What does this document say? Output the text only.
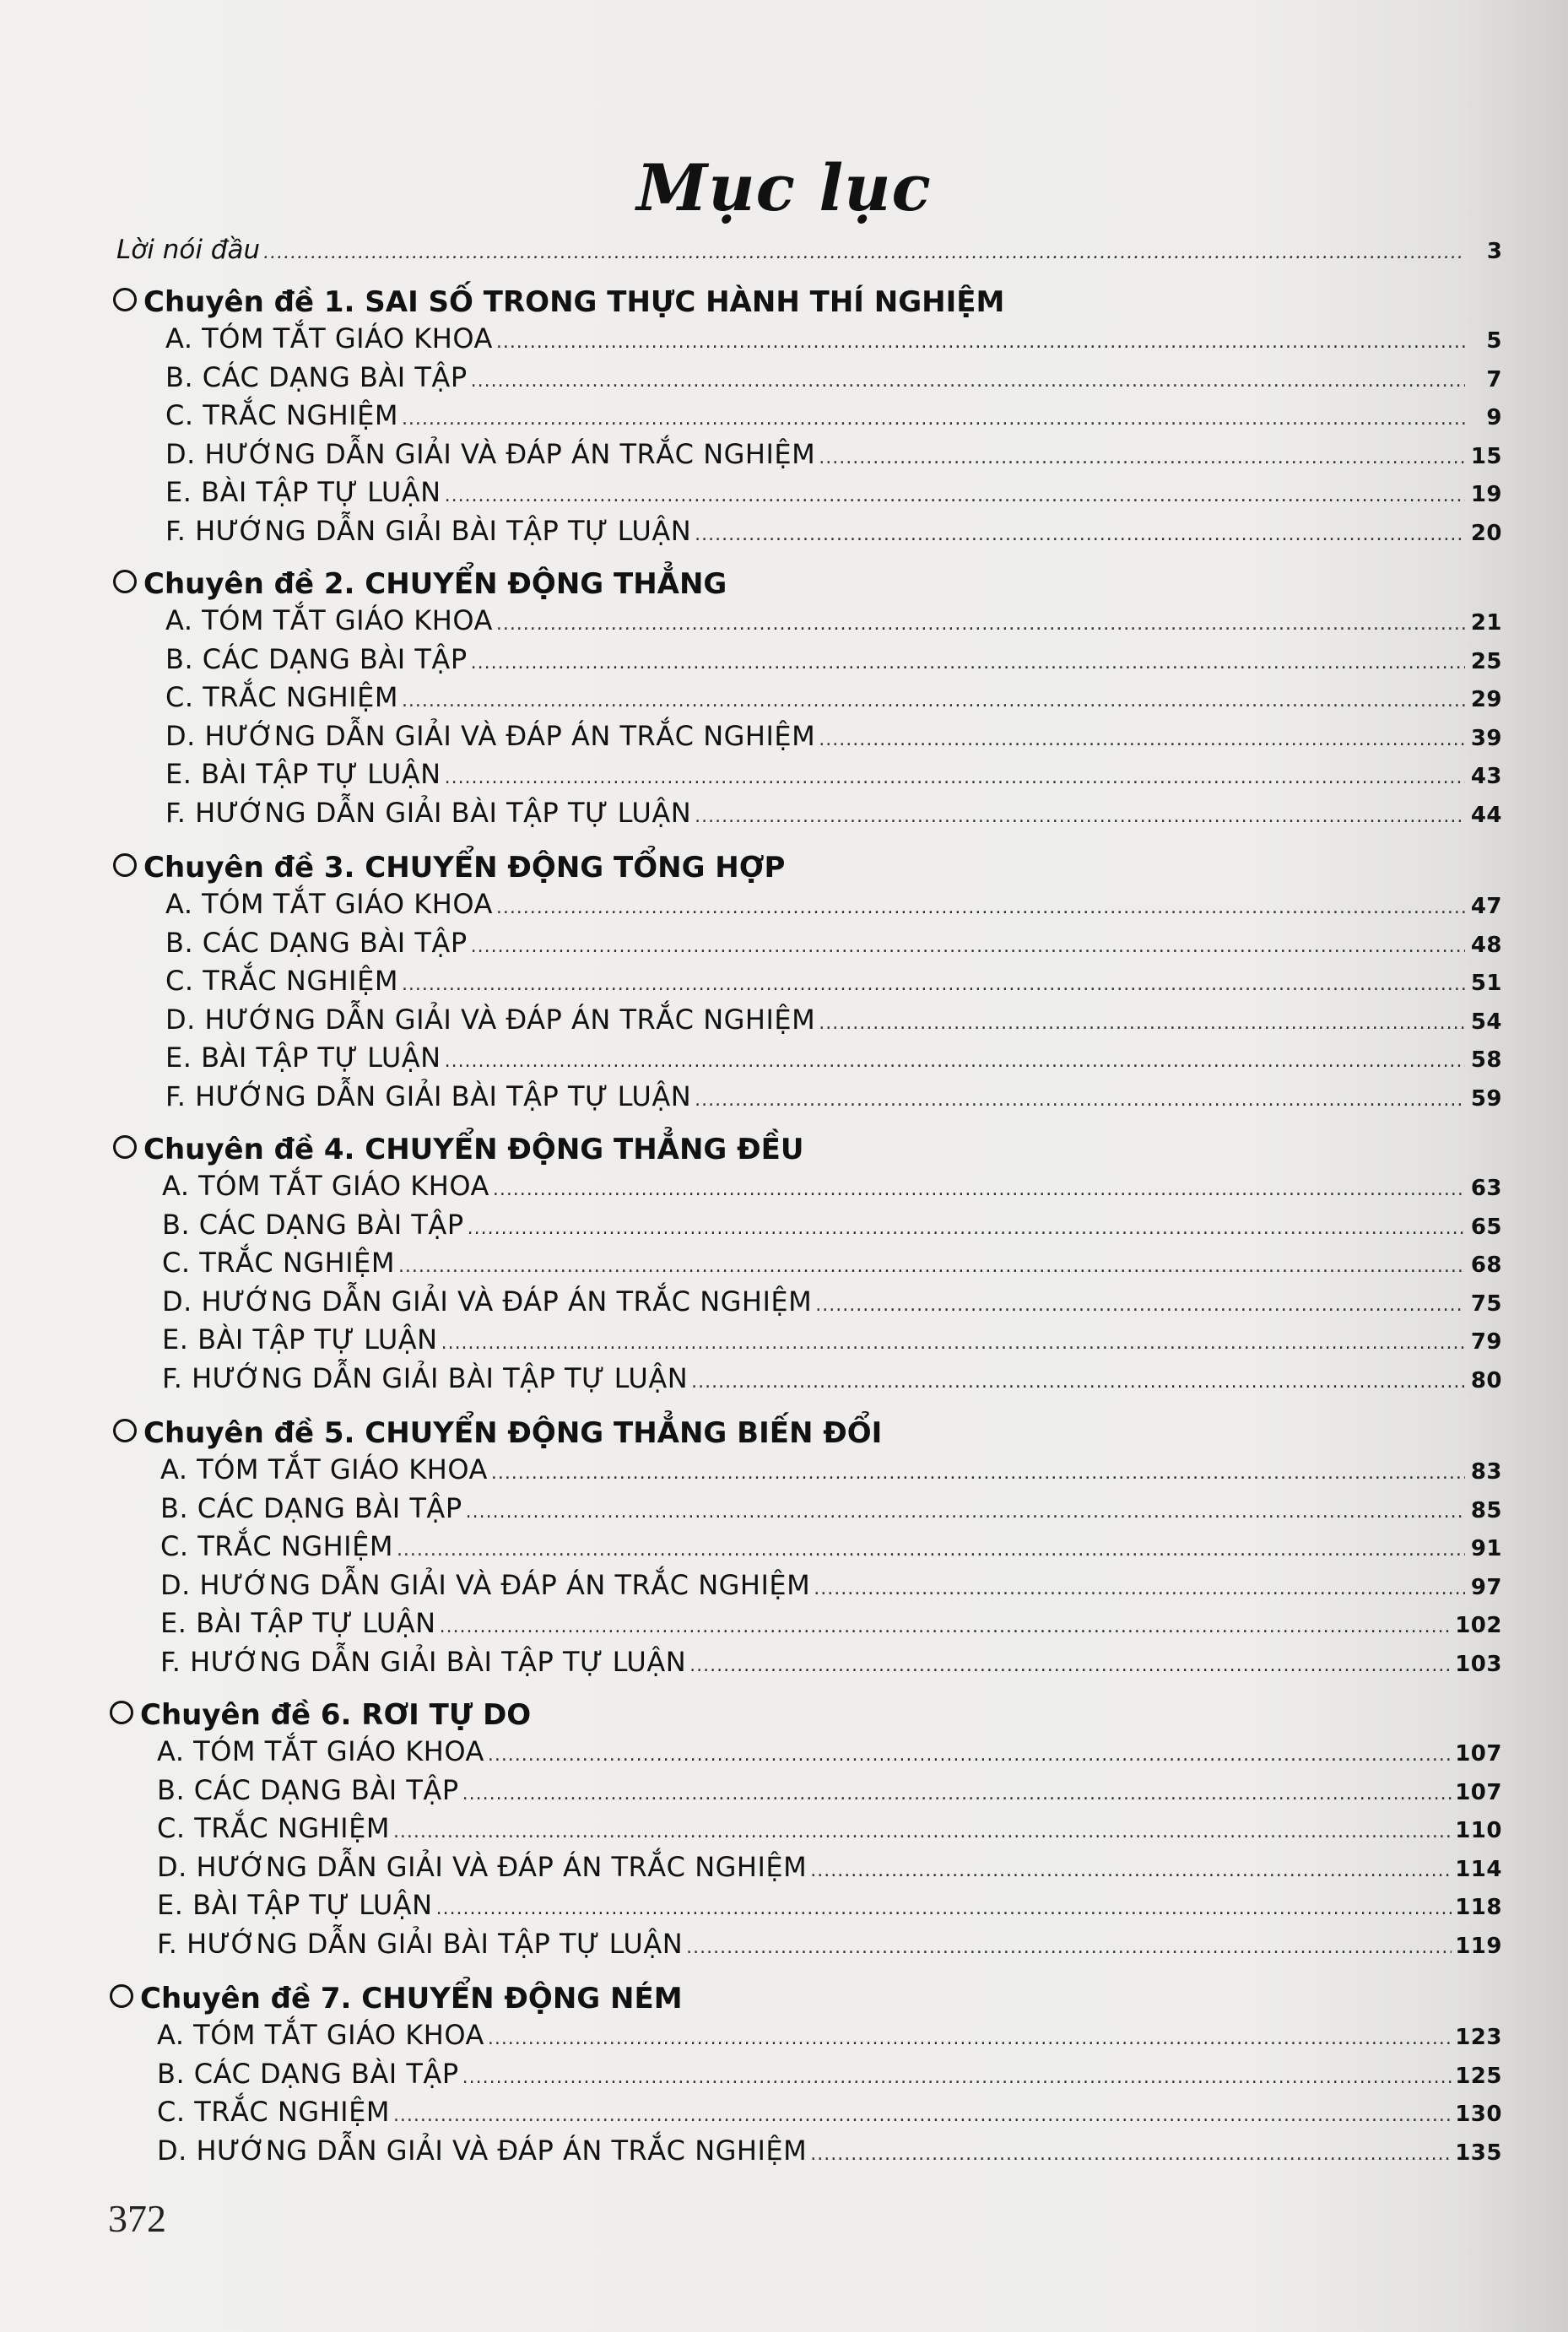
Mục lục
Lời nói đầu .....	3
Chuyên đề 1. SAI SỐ TRONG THỰC HÀNH THÍ NGHIỆM
A. TÓM TẮT GIÁO KHOA .....	5
B. CÁC DẠNG BÀI TẬP .....	7
C. TRẮC NGHIỆM .....	9
D. HƯỚNG DẪN GIẢI VÀ ĐÁP ÁN TRẮC NGHIỆM .....	15
E. BÀI TẬP TỰ LUẬN .....	19
F. HƯỚNG DẪN GIẢI BÀI TẬP TỰ LUẬN .....	20
Chuyên đề 2. CHUYỂN ĐỘNG THẲNG
A. TÓM TẮT GIÁO KHOA .....	21
B. CÁC DẠNG BÀI TẬP .....	25
C. TRẮC NGHIỆM .....	29
D. HƯỚNG DẪN GIẢI VÀ ĐÁP ÁN TRẮC NGHIỆM .....	39
E. BÀI TẬP TỰ LUẬN .....	43
F. HƯỚNG DẪN GIẢI BÀI TẬP TỰ LUẬN .....	44
Chuyên đề 3. CHUYỂN ĐỘNG TỔNG HỢP
A. TÓM TẮT GIÁO KHOA .....	47
B. CÁC DẠNG BÀI TẬP .....	48
C. TRẮC NGHIỆM .....	51
D. HƯỚNG DẪN GIẢI VÀ ĐÁP ÁN TRẮC NGHIỆM .....	54
E. BÀI TẬP TỰ LUẬN .....	58
F. HƯỚNG DẪN GIẢI BÀI TẬP TỰ LUẬN .....	59
Chuyên đề 4. CHUYỂN ĐỘNG THẲNG ĐỀU
A. TÓM TẮT GIÁO KHOA .....	63
B. CÁC DẠNG BÀI TẬP .....	65
C. TRẮC NGHIỆM .....	68
D. HƯỚNG DẪN GIẢI VÀ ĐÁP ÁN TRẮC NGHIỆM .....	75
E. BÀI TẬP TỰ LUẬN .....	79
F. HƯỚNG DẪN GIẢI BÀI TẬP TỰ LUẬN .....	80
Chuyên đề 5. CHUYỂN ĐỘNG THẲNG BIẾN ĐỔI
A. TÓM TẮT GIÁO KHOA .....	83
B. CÁC DẠNG BÀI TẬP .....	85
C. TRẮC NGHIỆM .....	91
D. HƯỚNG DẪN GIẢI VÀ ĐÁP ÁN TRẮC NGHIỆM .....	97
E. BÀI TẬP TỰ LUẬN .....	102
F. HƯỚNG DẪN GIẢI BÀI TẬP TỰ LUẬN .....	103
Chuyên đề 6. RƠI TỰ DO
A. TÓM TẮT GIÁO KHOA .....	107
B. CÁC DẠNG BÀI TẬP .....	107
C. TRẮC NGHIỆM .....	110
D. HƯỚNG DẪN GIẢI VÀ ĐÁP ÁN TRẮC NGHIỆM .....	114
E. BÀI TẬP TỰ LUẬN .....	118
F. HƯỚNG DẪN GIẢI BÀI TẬP TỰ LUẬN .....	119
Chuyên đề 7. CHUYỂN ĐỘNG NÉM
A. TÓM TẮT GIÁO KHOA .....	123
B. CÁC DẠNG BÀI TẬP .....	125
C. TRẮC NGHIỆM .....	130
D. HƯỚNG DẪN GIẢI VÀ ĐÁP ÁN TRẮC NGHIỆM .....	135
372
